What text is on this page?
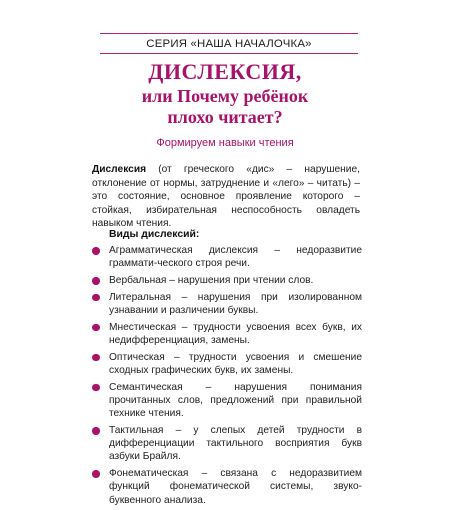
СЕРИЯ «НАША НАЧАЛОЧКА»
ДИСЛЕКСИЯ,
или Почему ребёнок
плохо читает?
Формируем навыки чтения
Дислексия (от греческого «дис» – нарушение, отклонение от нормы, затруднение и «лего» – читать) – это состояние, основное проявление которого – стойкая, избирательная неспособность овладеть навыком чтения.
Виды дислексий:
Аграмматическая дислексия – недоразвитие граммати-ческого строя речи.
Вербальная – нарушения при чтении слов.
Литеральная – нарушения при изолированном узнавании и различении буквы.
Мнестическая – трудности усвоения всех букв, их недифференциация, замены.
Оптическая – трудности усвоения и смешение сходных графических букв, их замены.
Семантическая – нарушения понимания прочитанных слов, предложений при правильной технике чтения.
Тактильная – у слепых детей трудности в дифференциации тактильного восприятия букв азбуки Брайля.
Фонематическая – связана с недоразвитием функций фонематической системы, звуко-буквенного анализа.
